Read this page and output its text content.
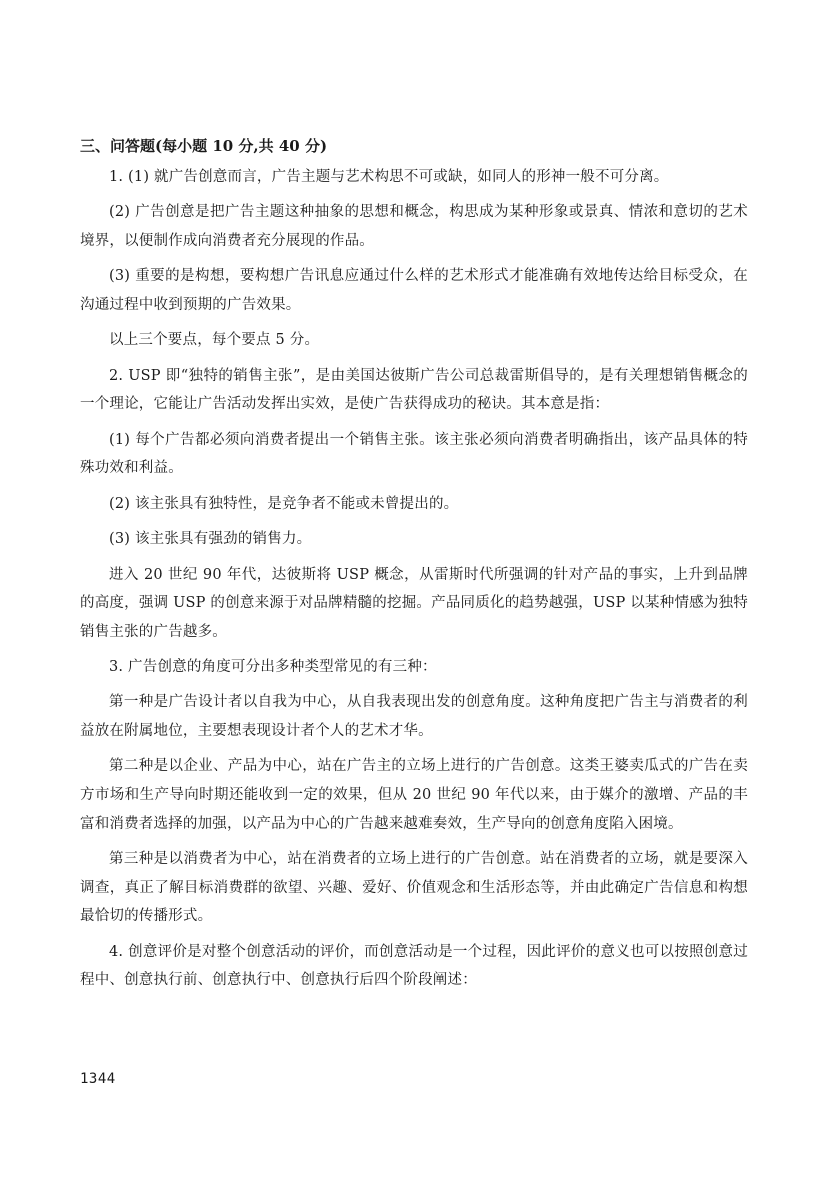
三、问答题(每小题 10 分,共 40 分)

1. (1) 就广告创意而言，广告主题与艺术构思不可或缺，如同人的形神一般不可分离。

(2) 广告创意是把广告主题这种抽象的思想和概念，构思成为某种形象或景真、情浓和意切的艺术境界，以便制作成向消费者充分展现的作品。

(3) 重要的是构想，要构想广告讯息应通过什么样的艺术形式才能准确有效地传达给目标受众，在沟通过程中收到预期的广告效果。

以上三个要点，每个要点 5 分。

2. USP 即“独特的销售主张”，是由美国达彼斯广告公司总裁雷斯倡导的，是有关理想销售概念的一个理论，它能让广告活动发挥出实效，是使广告获得成功的秘诀。其本意是指：

(1) 每个广告都必须向消费者提出一个销售主张。该主张必须向消费者明确指出，该产品具体的特殊功效和利益。

(2) 该主张具有独特性，是竞争者不能或未曾提出的。

(3) 该主张具有强劲的销售力。

进入 20 世纪 90 年代，达彼斯将 USP 概念，从雷斯时代所强调的针对产品的事实，上升到品牌的高度，强调 USP 的创意来源于对品牌精髓的挖掘。产品同质化的趋势越强，USP 以某种情感为独特销售主张的广告越多。

3. 广告创意的角度可分出多种类型常见的有三种：

第一种是广告设计者以自我为中心，从自我表现出发的创意角度。这种角度把广告主与消费者的利益放在附属地位，主要想表现设计者个人的艺术才华。

第二种是以企业、产品为中心，站在广告主的立场上进行的广告创意。这类王婆卖瓜式的广告在卖方市场和生产导向时期还能收到一定的效果，但从 20 世纪 90 年代以来，由于媒介的激增、产品的丰富和消费者选择的加强，以产品为中心的广告越来越难奏效，生产导向的创意角度陷入困境。

第三种是以消费者为中心，站在消费者的立场上进行的广告创意。站在消费者的立场，就是要深入调查，真正了解目标消费群的欲望、兴趣、爱好、价值观念和生活形态等，并由此确定广告信息和构想最恰切的传播形式。

4. 创意评价是对整个创意活动的评价，而创意活动是一个过程，因此评价的意义也可以按照创意过程中、创意执行前、创意执行中、创意执行后四个阶段阐述：

1344
